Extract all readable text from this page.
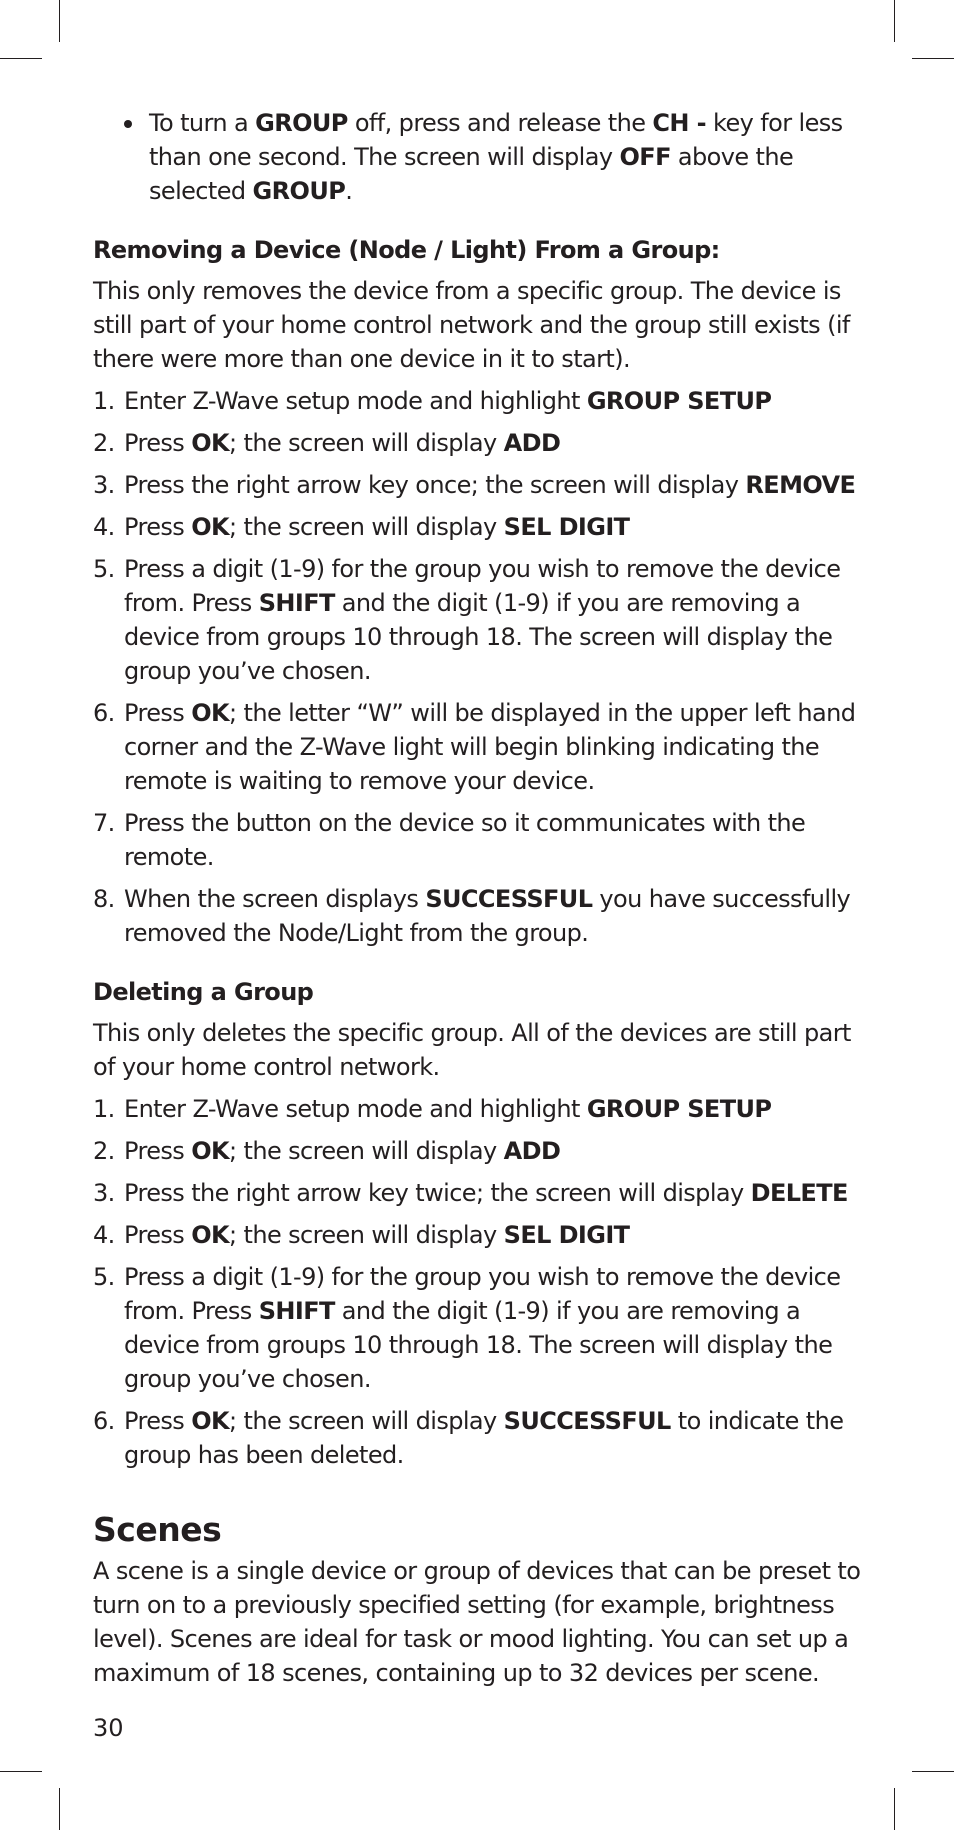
To turn a GROUP off, press and release the CH - key for less than one second. The screen will display OFF above the selected GROUP.
Removing a Device (Node / Light) From a Group:

This only removes the device from a specific group. The device is still part of your home control network and the group still exists (if there were more than one device in it to start).

1. Enter Z-Wave setup mode and highlight GROUP SETUP
2. Press OK; the screen will display ADD
3. Press the right arrow key once; the screen will display REMOVE
4. Press OK; the screen will display SEL DIGIT
5. Press a digit (1-9) for the group you wish to remove the device from. Press SHIFT and the digit (1-9) if you are removing a device from groups 10 through 18. The screen will display the group you’ve chosen.
6. Press OK; the letter “W” will be displayed in the upper left hand corner and the Z-Wave light will begin blinking indicating the remote is waiting to remove your device.
7. Press the button on the device so it communicates with the remote.
8. When the screen displays SUCCESSFUL you have successfully removed the Node/Light from the group.
Deleting a Group

This only deletes the specific group. All of the devices are still part of your home control network.

1. Enter Z-Wave setup mode and highlight GROUP SETUP
2. Press OK; the screen will display ADD
3. Press the right arrow key twice; the screen will display DELETE
4. Press OK; the screen will display SEL DIGIT
5. Press a digit (1-9) for the group you wish to remove the device from. Press SHIFT and the digit (1-9) if you are removing a device from groups 10 through 18. The screen will display the group you’ve chosen.
6. Press OK; the screen will display SUCCESSFUL to indicate the group has been deleted.
Scenes

A scene is a single device or group of devices that can be preset to turn on to a previously specified setting (for example, brightness level). Scenes are ideal for task or mood lighting. You can set up a maximum of 18 scenes, containing up to 32 devices per scene.

30
